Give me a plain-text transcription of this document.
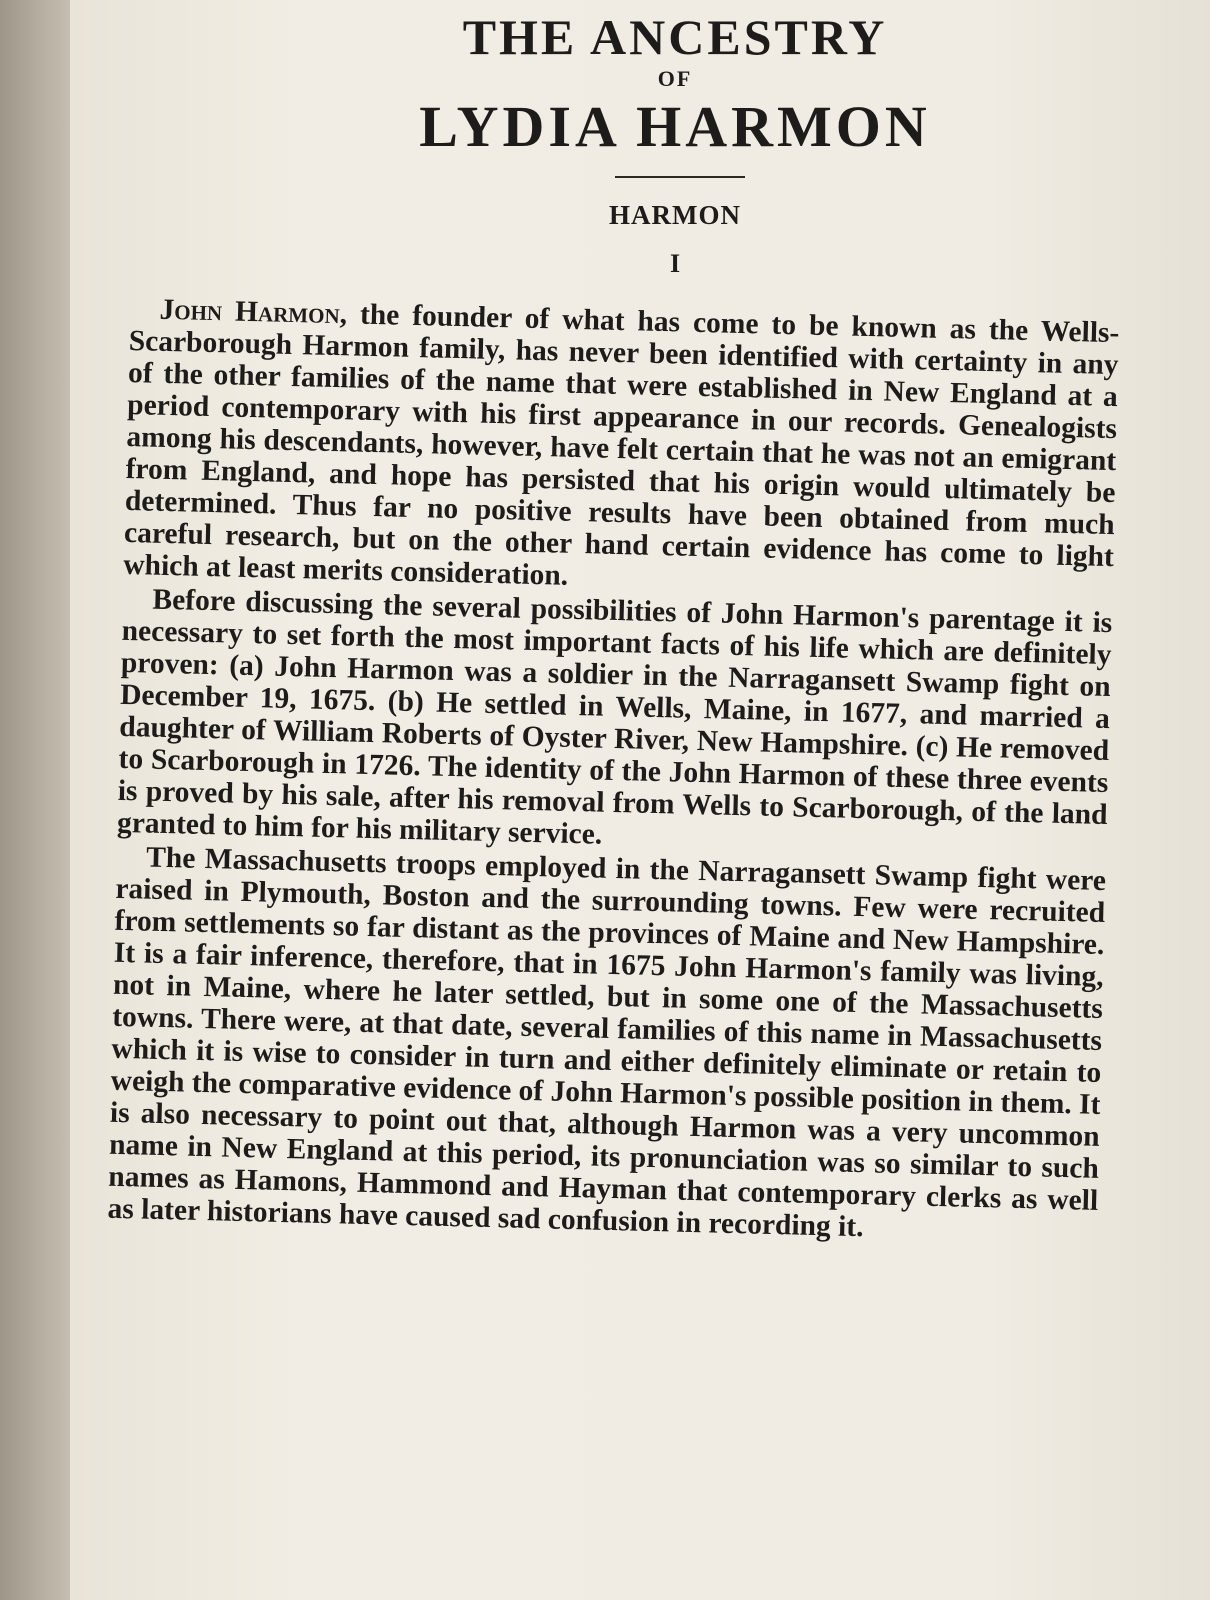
THE ANCESTRY

OF

LYDIA HARMON

HARMON

I

John Harmon, the founder of what has come to be known as the Wells-Scarborough Harmon family, has never been identified with certainty in any of the other families of the name that were established in New England at a period contemporary with his first appearance in our records. Genealogists among his descendants, however, have felt certain that he was not an emigrant from England, and hope has persisted that his origin would ultimately be determined. Thus far no positive results have been obtained from much careful research, but on the other hand certain evidence has come to light which at least merits consideration.

Before discussing the several possibilities of John Harmon's parentage it is necessary to set forth the most important facts of his life which are definitely proven: (a) John Harmon was a soldier in the Narragansett Swamp fight on December 19, 1675. (b) He settled in Wells, Maine, in 1677, and married a daughter of William Roberts of Oyster River, New Hampshire. (c) He removed to Scarborough in 1726. The identity of the John Harmon of these three events is proved by his sale, after his removal from Wells to Scarborough, of the land granted to him for his military service.

The Massachusetts troops employed in the Narragansett Swamp fight were raised in Plymouth, Boston and the surrounding towns. Few were recruited from settlements so far distant as the provinces of Maine and New Hampshire. It is a fair inference, therefore, that in 1675 John Harmon's family was living, not in Maine, where he later settled, but in some one of the Massachusetts towns. There were, at that date, several families of this name in Massachusetts which it is wise to consider in turn and either definitely eliminate or retain to weigh the comparative evidence of John Harmon's possible position in them. It is also necessary to point out that, although Harmon was a very uncommon name in New England at this period, its pronunciation was so similar to such names as Hamons, Hammond and Hayman that contemporary clerks as well as later historians have caused sad confusion in recording it.
